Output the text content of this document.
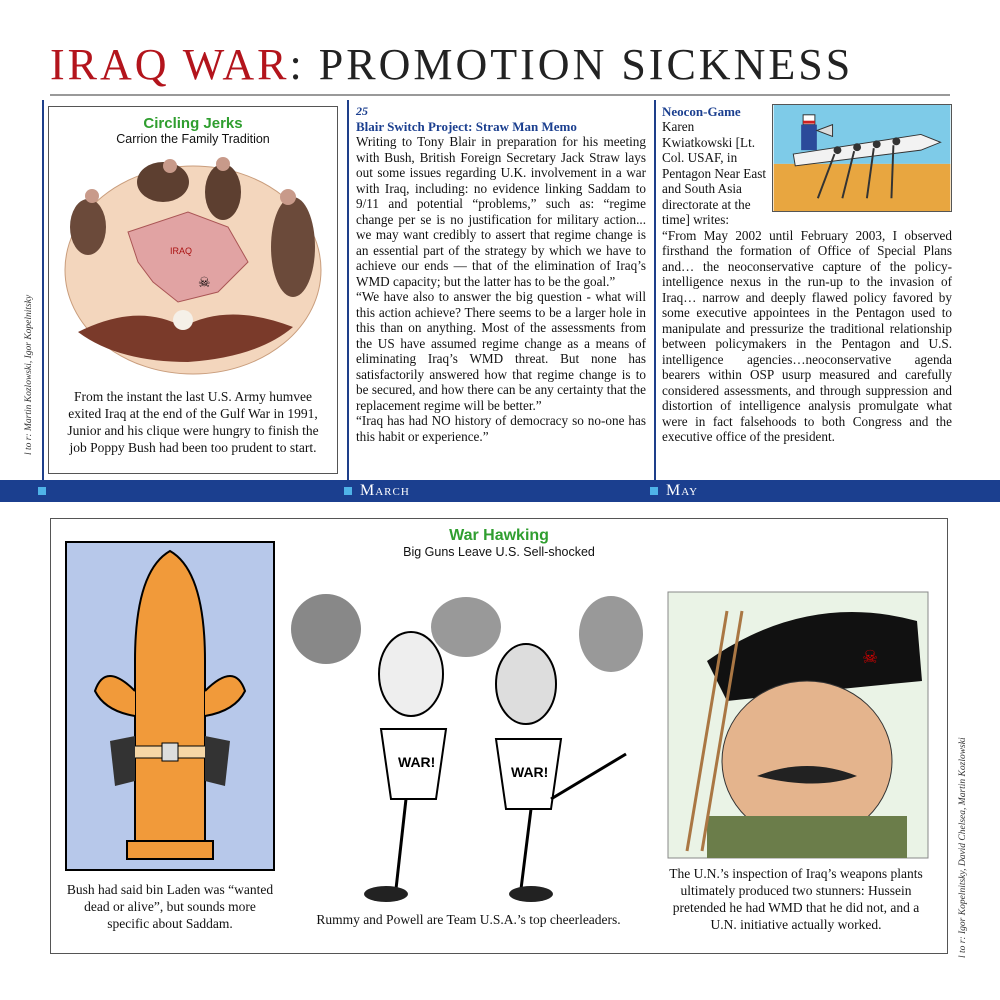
IRAQ WAR: PROMOTION SICKNESS
l to r: Martin Kozlowski, Igor Kopelnitsky
Circling Jerks
Carrion the Family Tradition
IRAQ
☠
From the instant the last U.S. Army humvee exited Iraq at the end of the Gulf War in 1991, Junior and his clique were hungry to finish the job Poppy Bush had been too prudent to start.
25
Blair Switch Project: Straw Man Memo

Writing to Tony Blair in preparation for his meeting with Bush, British Foreign Secretary Jack Straw lays out some issues regarding U.K. involvement in a war with Iraq, including: no evidence linking Saddam to 9/11 and potential “problems,” such as: “regime change per se is no justification for military action... we may want credibly to assert that regime change is an essential part of the strategy by which we have to achieve our ends — that of the elimination of Iraq’s WMD capacity; but the latter has to be the goal.”

“We have also to answer the big question - what will this action achieve? There seems to be a larger hole in this than on anything. Most of the assessments from the US have assumed regime change as a means of eliminating Iraq’s WMD threat. But none has satisfactorily answered how that regime change is to be secured, and how there can be any certainty that the replacement regime will be better.”

“Iraq has had NO history of democracy so no-one has this habit or experience.”

Neocon-Game

Karen Kwiatkowski [Lt. Col. USAF, in Pentagon Near East and South Asia directorate at the time] writes:

“From May 2002 until February 2003, I observed firsthand the formation of Office of Special Plans and… the neoconservative capture of the policy-intelligence nexus in the run-up to the invasion of Iraq… narrow and deeply flawed policy favored by some executive appointees in the Pentagon used to manipulate and pressurize the traditional relationship between policymakers in the Pentagon and U.S. intelligence agencies…neoconservative agenda bearers within OSP usurp measured and carefully considered assessments, and through suppression and distortion of intelligence analysis promulgate what were in fact falsehoods to both Congress and the executive office of the president.

March	May
War Hawking
Big Guns Leave U.S. Sell-shocked
WAR!
WAR!
☠
Bush had said bin Laden was “wanted dead or alive”, but sounds more specific about Saddam.	Rummy and Powell are Team U.S.A.’s top cheerleaders.
The U.N.’s inspection of Iraq’s weapons plants ultimately produced two stunners: Hussein pretended he had WMD that he did not, and a U.N. initiative actually worked.	l to r: Igor Kopelnitsky, David Chelsea, Martin Kozlowski
